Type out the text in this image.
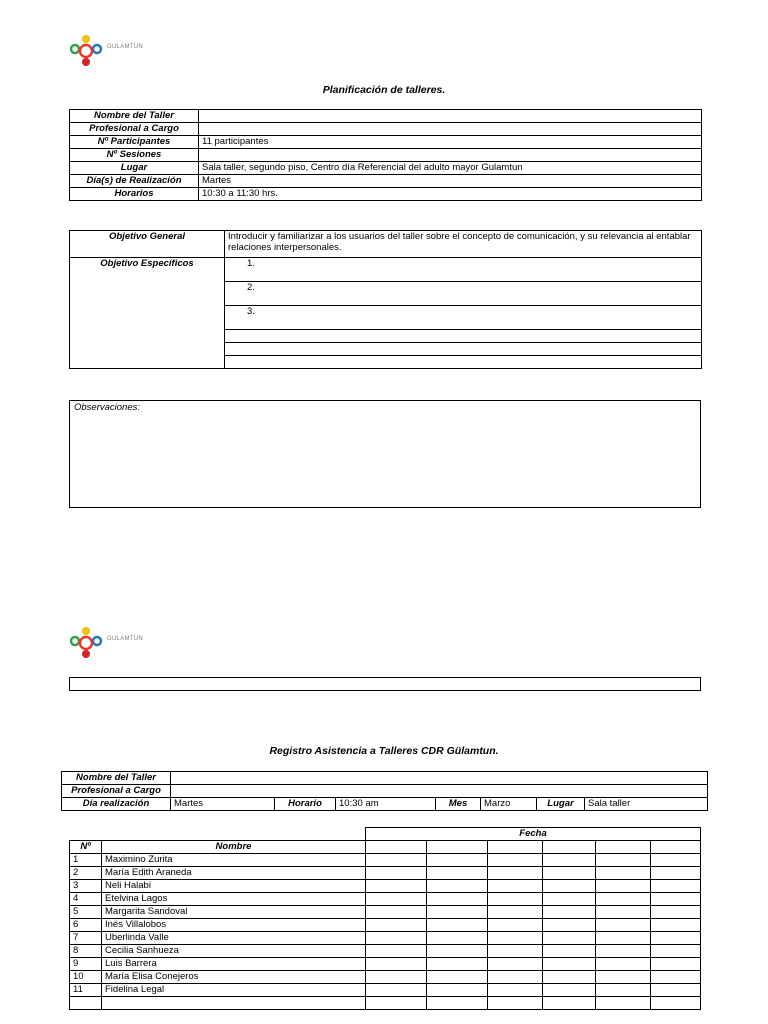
GULAMTUN

Planificación de talleres.
Nombre del Taller	
Profesional a Cargo	
Nº Participantes	11 participantes
Nº Sesiones	
Lugar	Sala taller, segundo piso, Centro día Referencial del adulto mayor Gulamtun
Día(s) de Realización	Martes
Horarios	10:30 a 11:30 hrs.
Objetivo General	Introducir y familiarizar a los usuarios del taller sobre el concepto de comunicación, y su relevancia al entablar relaciones interpersonales.
Objetivo Específicos	1.
	2.
	3.

Observaciones:
GULAMTUN

Registro Asistencia a Talleres CDR Gülamtun.
Nombre del Taller							
Profesional a Cargo							
Día realización	Martes	Horario	10:30 am	Mes	Marzo	Lugar	Sala taller
		Fecha					
Nº	Nombre						
1	Maximino Zurita						
2	María Edith Araneda						
3	Neli Halabi						
4	Etelvina Lagos						
5	Margarita Sandoval						
6	Inés Villalobos						
7	Uberlinda Valle						
8	Cecilia Sanhueza						
9	Luis Barrera						
10	María Elisa Conejeros						
11	Fidelina Legal						
